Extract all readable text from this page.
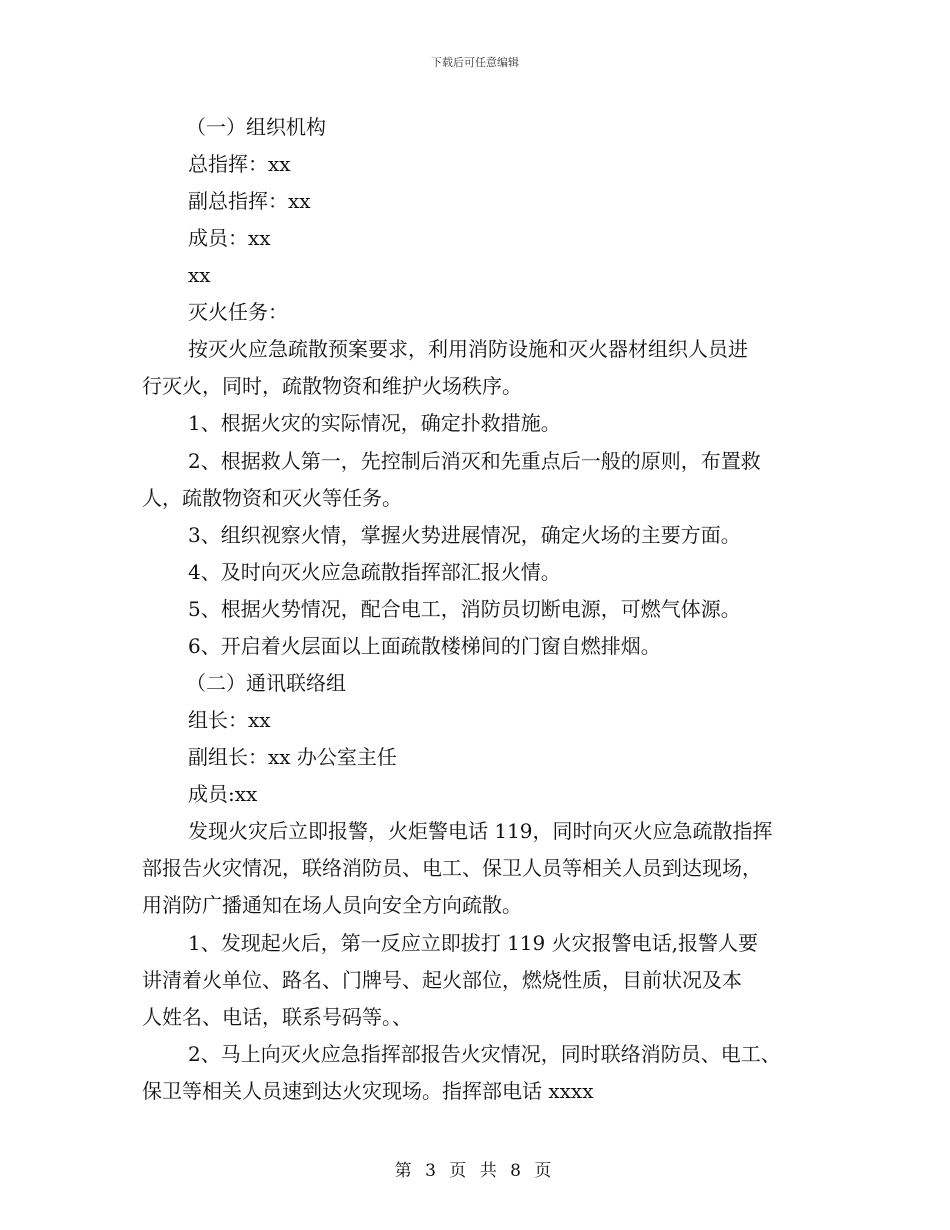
下载后可任意编辑
（一）组织机构
总指挥：xx
副总指挥：xx
成员：xx
xx
灭火任务：
按灭火应急疏散预案要求，利用消防设施和灭火器材组织人员进
行灭火，同时，疏散物资和维护火场秩序。
1、根据火灾的实际情况，确定扑救措施。
2、根据救人第一，先控制后消灭和先重点后一般的原则，布置救
人，疏散物资和灭火等任务。
3、组织视察火情，掌握火势进展情况，确定火场的主要方面。
4、及时向灭火应急疏散指挥部汇报火情。
5、根据火势情况，配合电工，消防员切断电源，可燃气体源。
6、开启着火层面以上面疏散楼梯间的门窗自燃排烟。
（二）通讯联络组
组长：xx
副组长：xx 办公室主任
成员:xx
发现火灾后立即报警，火炬警电话 119，同时向灭火应急疏散指挥
部报告火灾情况，联络消防员、电工、保卫人员等相关人员到达现场，
用消防广播通知在场人员向安全方向疏散。
1、发现起火后，第一反应立即拔打 119 火灾报警电话,报警人要
讲清着火单位、路名、门牌号、起火部位，燃烧性质，目前状况及本
人姓名、电话，联系号码等。、
2、马上向灭火应急指挥部报告火灾情况，同时联络消防员、电工、
保卫等相关人员速到达火灾现场。指挥部电话 xxxx
第 3 页 共 8 页
